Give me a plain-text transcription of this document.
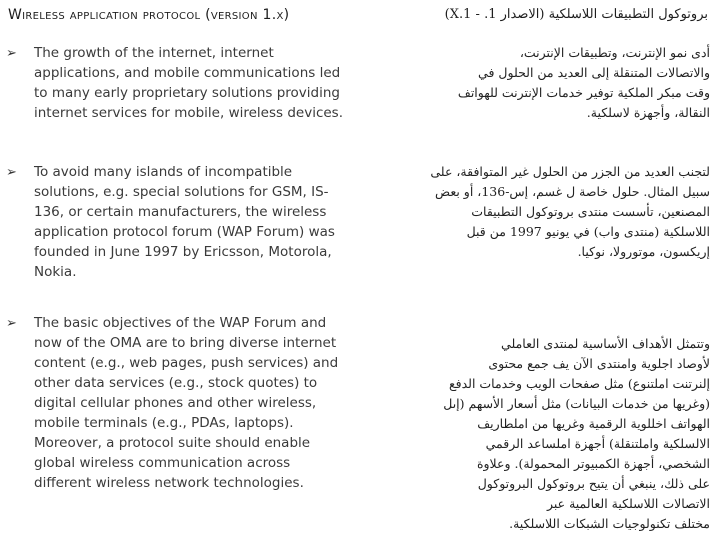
Wireless application protocol (version 1.x)	بروتوكول التطبيقات اللاسلكية (الاصدار 1. - 1.X)
➢ The growth of the internet, internet
applications, and mobile communications led
to many early proprietary solutions providing
internet services for mobile, wireless devices.
أدى نمو الإنترنت، وتطبيقات الإنترنت،
والاتصالات المتنقلة إلى العديد من الحلول في
وقت مبكر الملكية توفير خدمات الإنترنت للهواتف
النقالة، وأجهزة لاسلكية.
➢ To avoid many islands of incompatible
solutions, e.g. special solutions for GSM, IS-
136, or certain manufacturers, the wireless
application protocol forum (WAP Forum) was
founded in June 1997 by Ericsson, Motorola,
Nokia.
لتجنب العديد من الجزر من الحلول غير المتوافقة، على
سبيل المثال. حلول خاصة ل غسم، إس-136، أو بعض
المصنعين، تأسست منتدى بروتوكول التطبيقات
اللاسلكية (منتدى واب) في يونيو 1997 من قبل
إريكسون، موتورولا، نوكيا.
➢ The basic objectives of the WAP Forum and
now of the OMA are to bring diverse internet
content (e.g., web pages, push services) and
other data services (e.g., stock quotes) to
digital cellular phones and other wireless,
mobile terminals (e.g., PDAs, laptops).
Moreover, a protocol suite should enable
global wireless communication across
different wireless network technologies.
وتتمثل الأهداف الأساسية لمنتدى العاملي
لأوصاد اجلوية وامنتدى الآن يف جمع محتوى
إلنرتنت املتنوع) مثل صفحات الويب وخدمات الدفع
(وغريها من خدمات البيانات) مثل أسعار الأسهم (إىل
الهواتف اخللوية الرقمية وغريها من املطاريف
الالسلكية واملتنقلة) أجهزة املساعد الرقمي
الشخصي، أجهزة الكمبيوتر المحمولة). وعلاوة
على ذلك، ينبغي أن يتيح بروتوكول البروتوكول
الاتصالات اللاسلكية العالمية عبر
مختلف تكنولوجيات الشبكات اللاسلكية.
